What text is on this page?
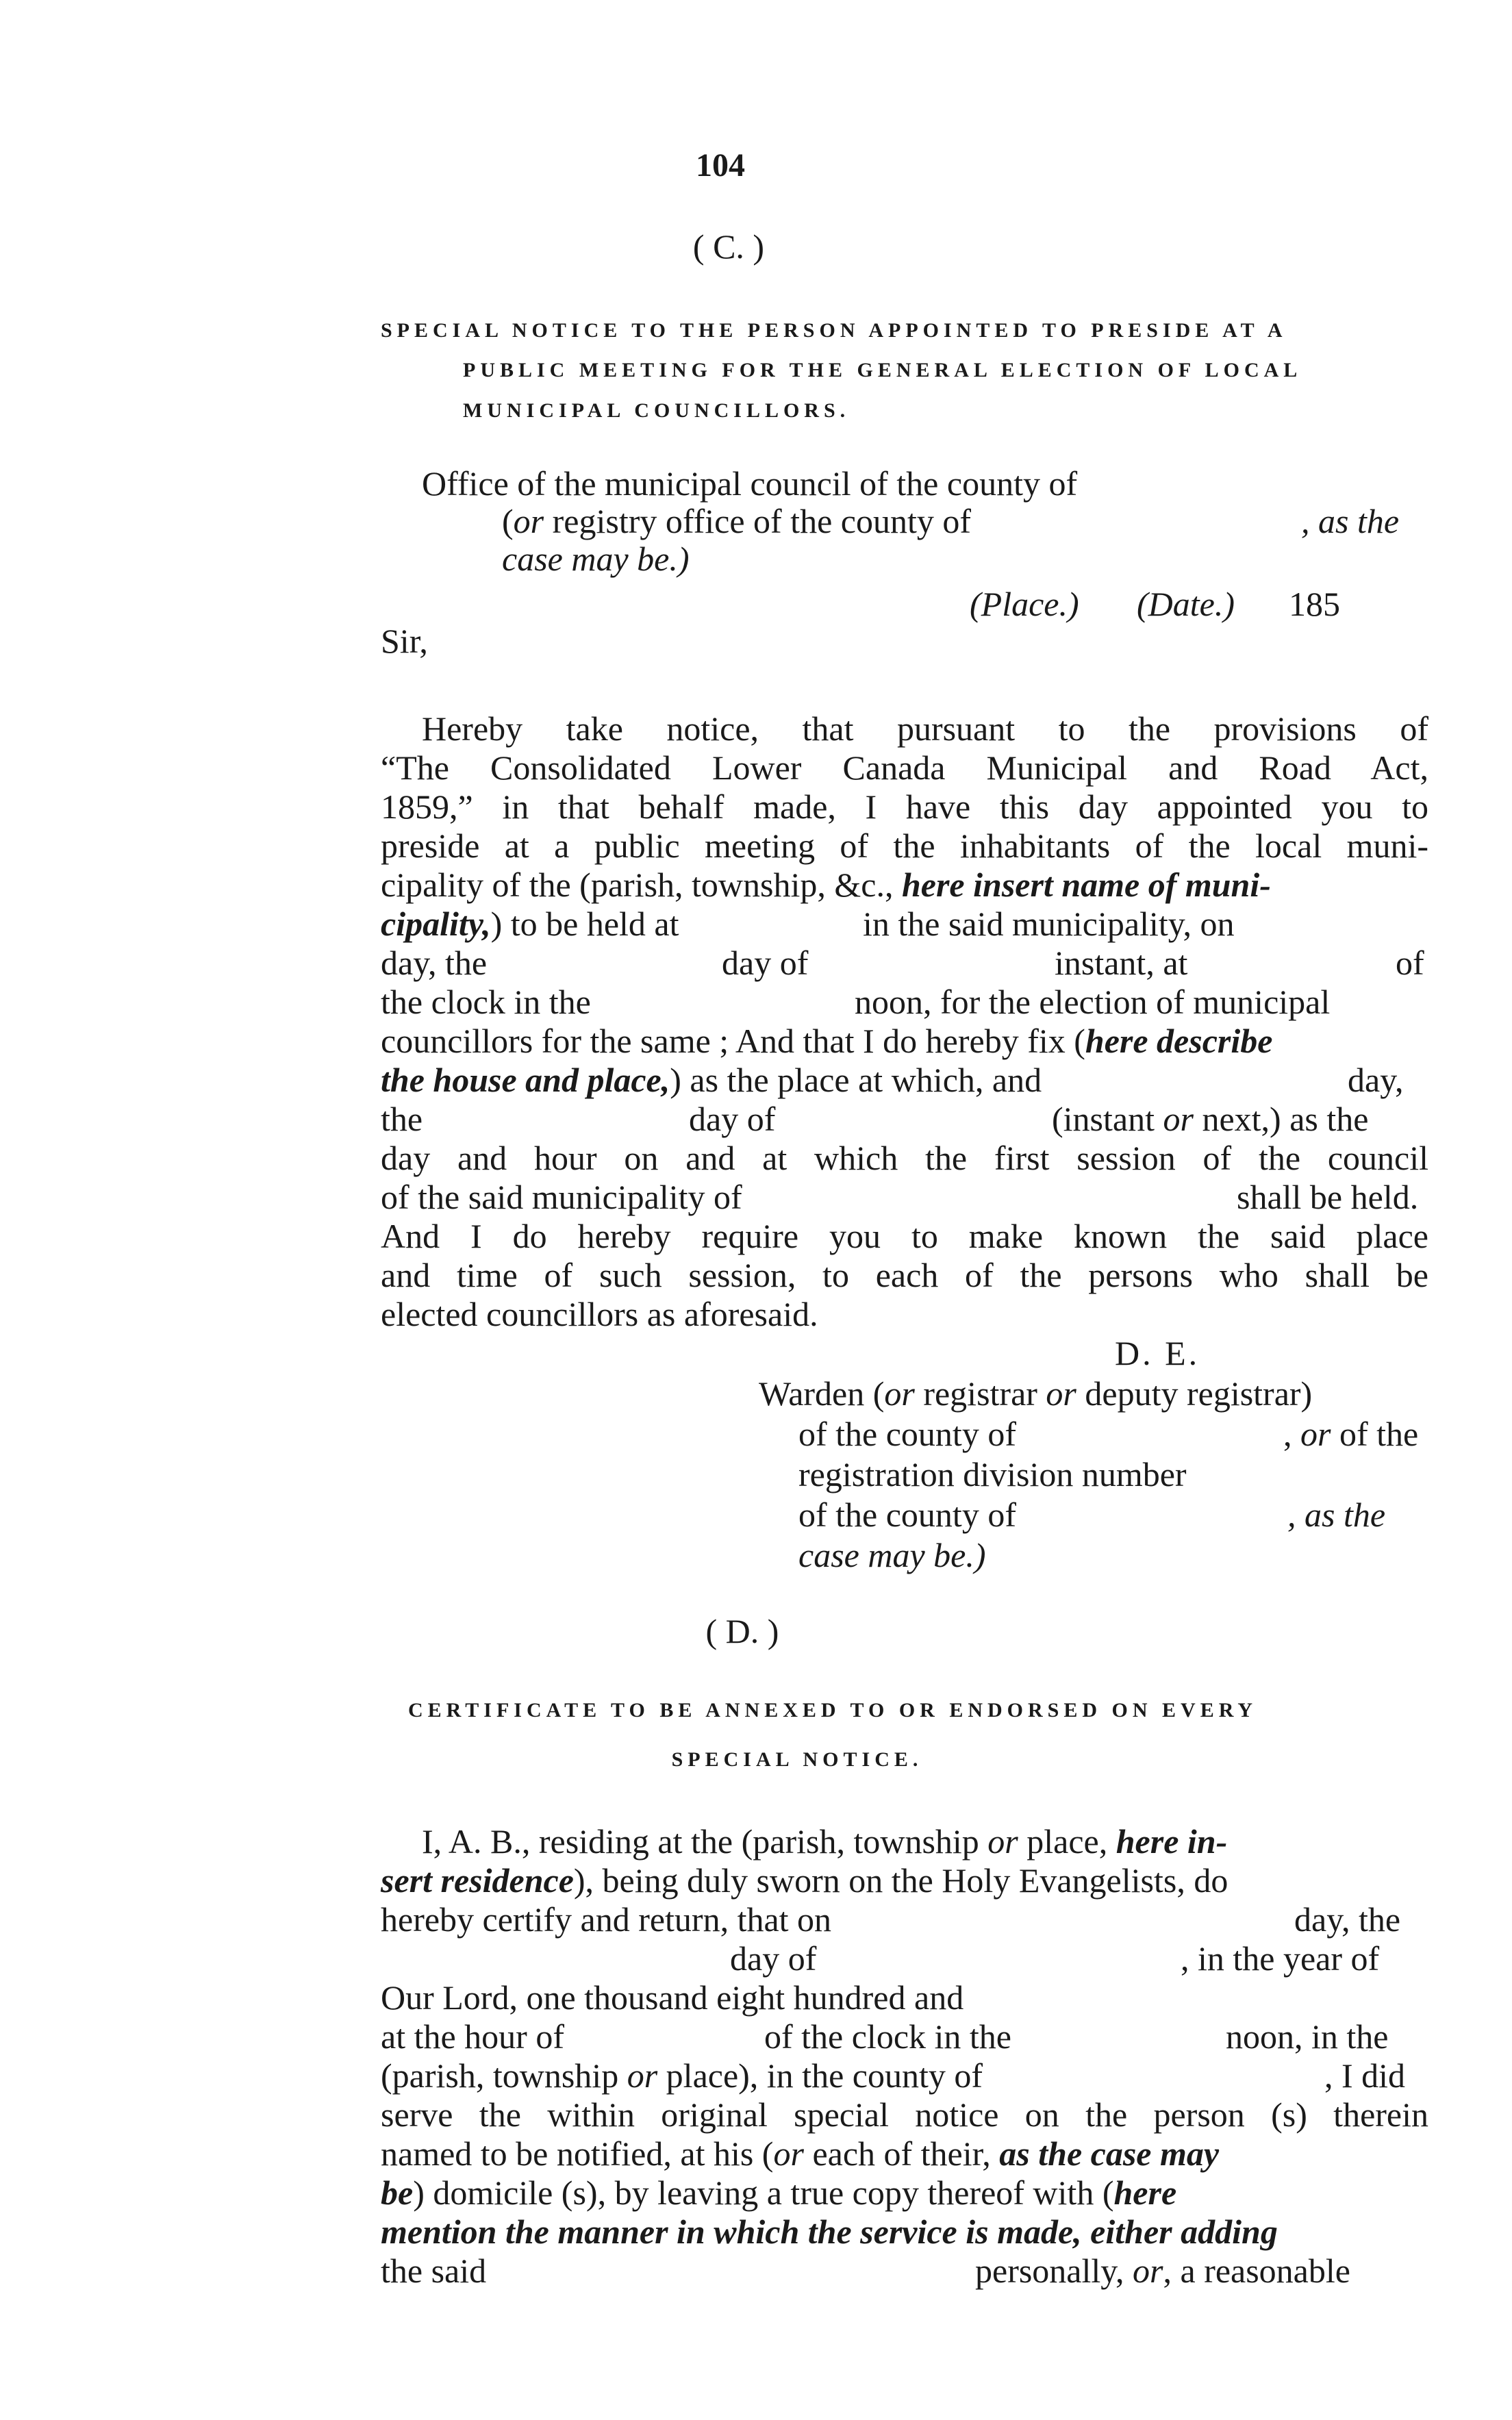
104
( C. )
SPECIAL NOTICE TO THE PERSON APPOINTED TO PRESIDE AT A
PUBLIC MEETING FOR THE GENERAL ELECTION OF LOCAL
MUNICIPAL COUNCILLORS.
Office of the municipal council of the county of
(or registry office of the county of	, as the
case may be.)
(Place.) (Date.) 185
Sir,
Hereby take notice, that pursuant to the provisions of
“The Consolidated Lower Canada Municipal and Road Act,
1859,” in that behalf made, I have this day appointed you to
preside at a public meeting of the inhabitants of the local muni-
cipality of the (parish, township, &c., here insert name of muni-
cipality,) to be held at	in the said municipality, on
day, the	day of	instant, at	of
the clock in the	noon, for the election of municipal
councillors for the same ; And that I do hereby fix (here describe
the house and place,) as the place at which, and	day,
the	day of	(instant or next,) as the
day and hour on and at which the first session of the council
of the said municipality of	shall be held.
And I do hereby require you to make known the said place
and time of such session, to each of the persons who shall be
elected councillors as aforesaid.
D. E.
Warden (or registrar or deputy registrar)
of the county of	, or of the
registration division number
of the county of	, as the
case may be.)
( D. )
CERTIFICATE TO BE ANNEXED TO OR ENDORSED ON EVERY
SPECIAL NOTICE.
I, A. B., residing at the (parish, township or place, here in-
sert residence), being duly sworn on the Holy Evangelists, do
hereby certify and return, that on	day, the
day of	, in the year of
Our Lord, one thousand eight hundred and
at the hour of	of the clock in the	noon, in the
(parish, township or place), in the county of	, I did
serve the within original special notice on the person (s) therein
named to be notified, at his (or each of their, as the case may
be) domicile (s), by leaving a true copy thereof with (here
mention the manner in which the service is made, either adding
the said	personally, or, a reasonable
